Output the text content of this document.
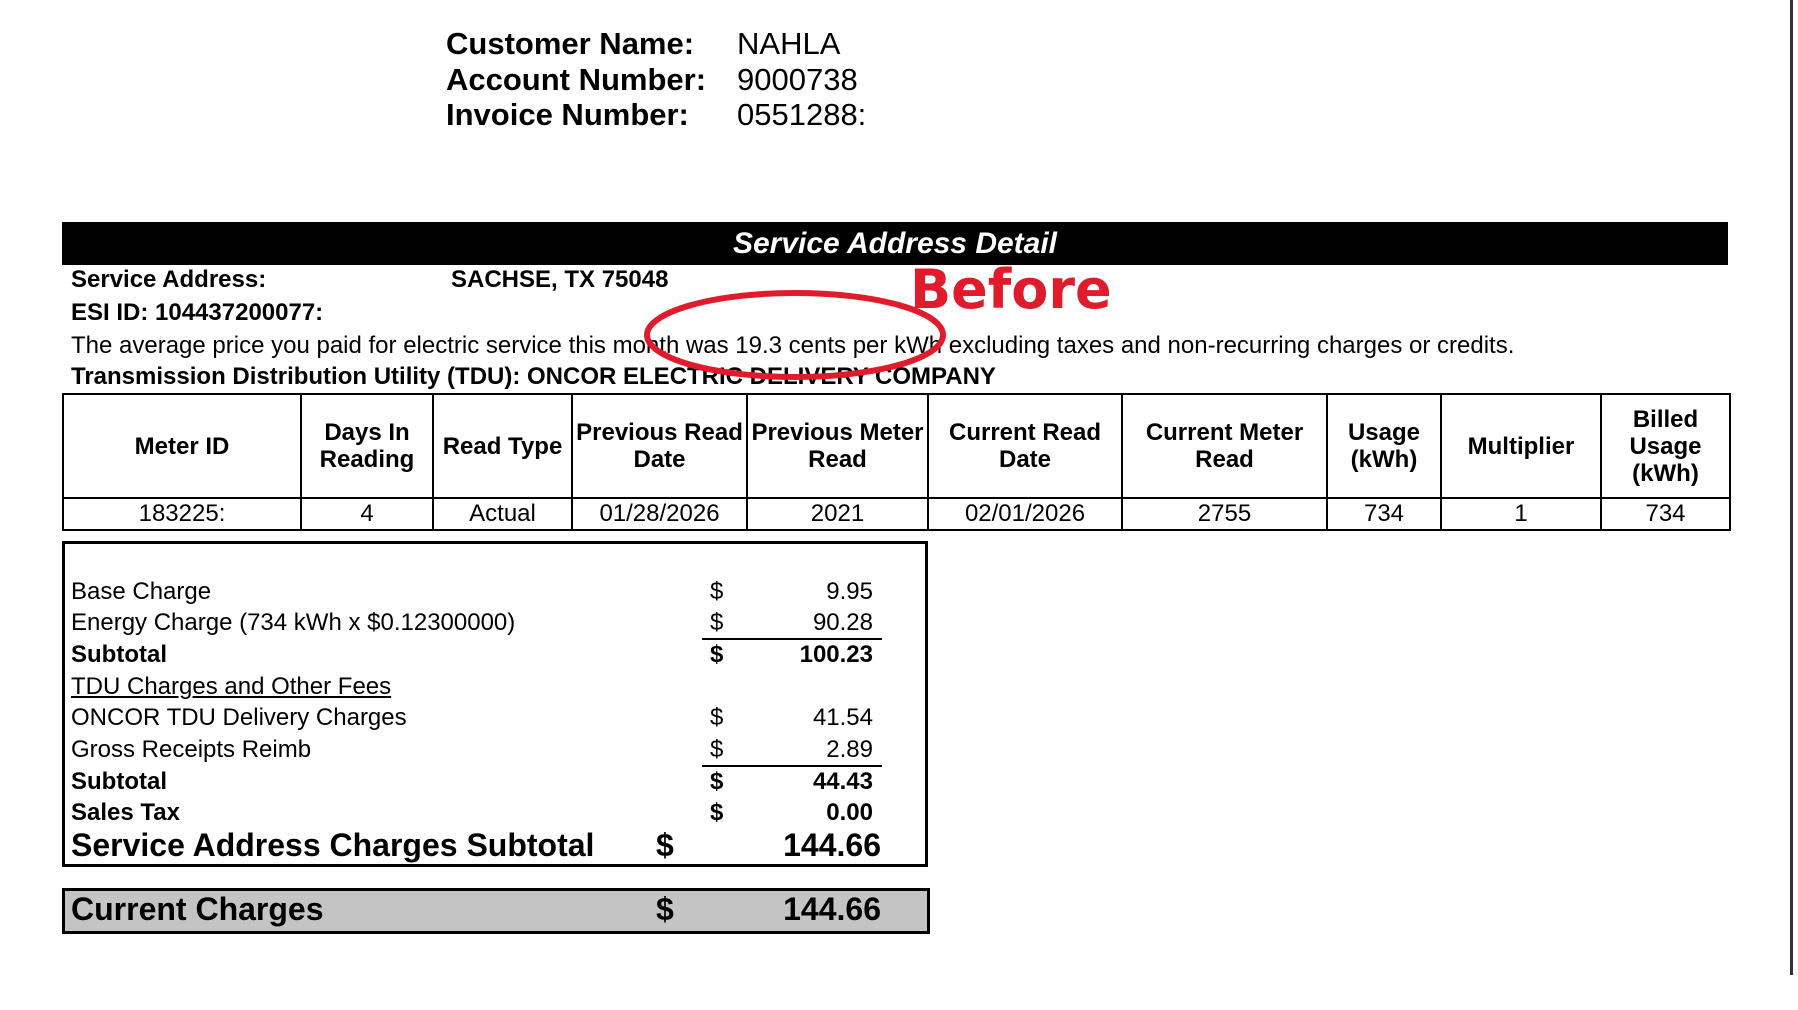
Customer Name: NAHLA
Account Number: 9000738
Invoice Number: 0551288:
Service Address Detail
Service Address:	SACHSE, TX 75048
ESI ID: 104437200077:
The average price you paid for electric service this month was 19.3 cents per kWh excluding taxes and non-recurring charges or credits.
Transmission Distribution Utility (TDU): ONCOR ELECTRIC DELIVERY COMPANY
Before
Meter ID	Days In Reading	Read Type	Previous Read Date	Previous Meter Read	Current Read Date	Current Meter Read	Usage (kWh)	Multiplier	Billed Usage (kWh)
183225:	4	Actual	01/28/2026	2021	02/01/2026	2755	734	1	734
Base Charge	$	9.95
Energy Charge (734 kWh x $0.12300000)	$	90.28
Subtotal	$	100.23
TDU Charges and Other Fees
ONCOR TDU Delivery Charges	$	41.54
Gross Receipts Reimb	$	2.89
Subtotal	$	44.43
Sales Tax	$	0.00
Service Address Charges Subtotal $	144.66
Current Charges	$	144.66
